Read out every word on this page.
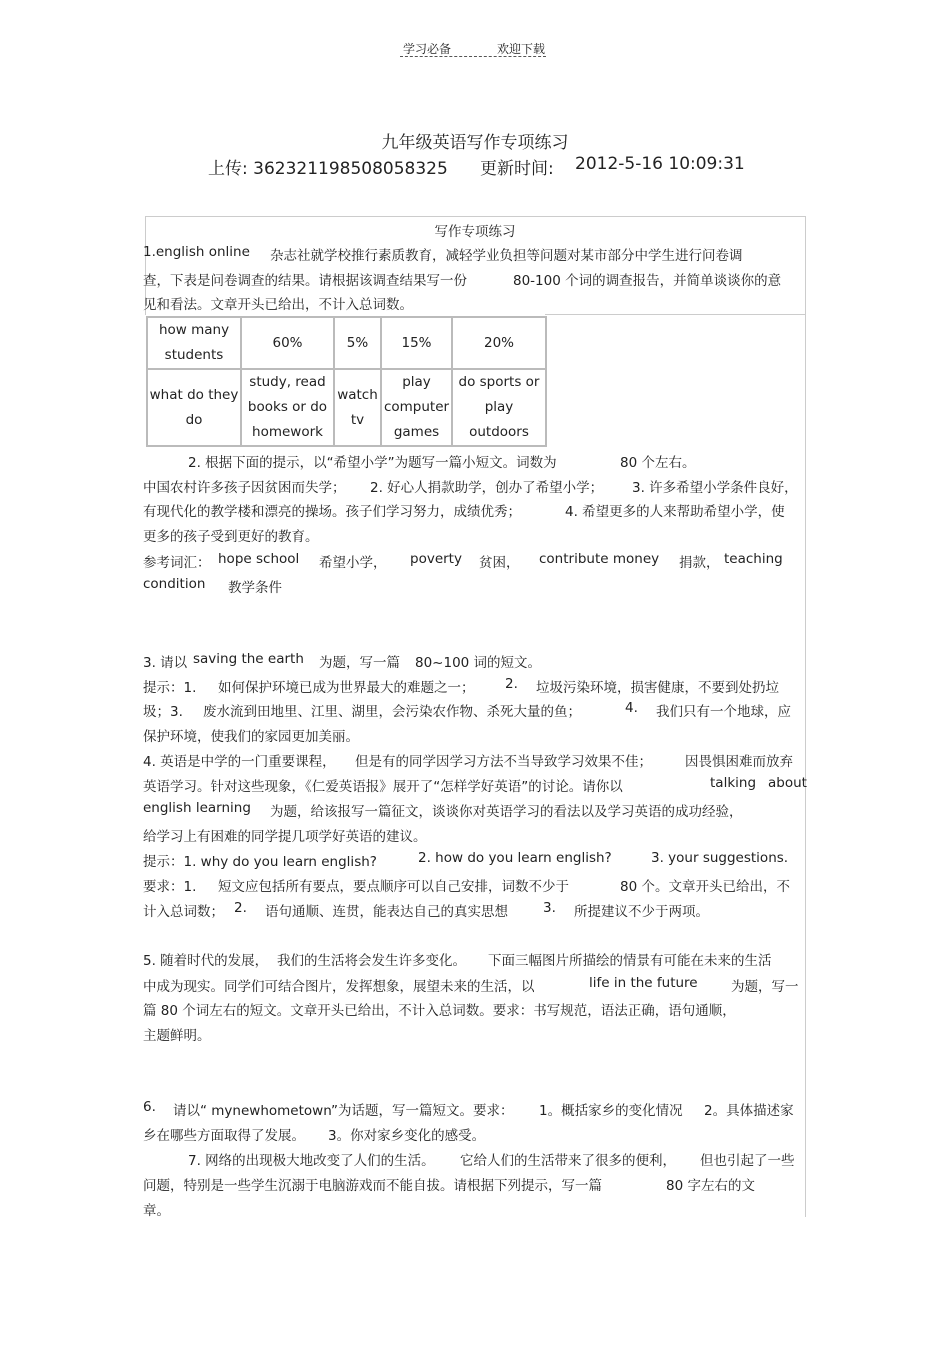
学习必备	欢迎下载
九年级英语写作专项练习
上传: 362321198508058325 更新时间: 2012-5-16 10:09:31
写作专项练习
1.english online 杂志社就学校推行素质教育，减轻学业负担等问题对某市部分中学生进行问卷调
查，下表是问卷调查的结果。请根据该调查结果写一份	80-100 个词的调查报告，并简单谈谈你的意
见和看法。文章开头已给出，不计入总词数。
how many students	60%	5%	15%	20%
what do they do	study, read books or do homework	watch tv	play computer games	do sports or play outdoors
2. 根据下面的提示，以“希望小学”为题写一篇小短文。词数为	80 个左右。
中国农村许多孩子因贫困而失学； 2. 好心人捐款助学，创办了希望小学； 3. 许多希望小学条件良好，
有现代化的教学楼和漂亮的操场。孩子们学习努力，成绩优秀；	4. 希望更多的人来帮助希望小学，使
更多的孩子受到更好的教育。
参考词汇： hope school 希望小学， poverty 贫困， contribute money 捐款， teaching
condition 教学条件
3. 请以 saving the earth 为题，写一篇 80~100 词的短文。
提示：1. 如何保护环境已成为世界最大的难题之一； 2. 垃圾污染环境，损害健康，不要到处扔垃
圾；3. 废水流到田地里、江里、湖里，会污染农作物、杀死大量的鱼；	4. 我们只有一个地球，应
保护环境，使我们的家园更加美丽。
4. 英语是中学的一门重要课程， 但是有的同学因学习方法不当导致学习效果不佳； 因畏惧困难而放弃
英语学习。针对这些现象，《仁爱英语报》展开了“怎样学好英语”的讨论。请你以	talking about
english learning 为题，给该报写一篇征文，谈谈你对英语学习的看法以及学习英语的成功经验，
给学习上有困难的同学提几项学好英语的建议。
提示：1. why do you learn english?	2. how do you learn english?	3. your suggestions.
要求：1. 短文应包括所有要点，要点顺序可以自己安排，词数不少于	80 个。文章开头已给出，不
计入总词数； 2. 语句通顺、连贯，能表达自己的真实思想	3. 所提建议不少于两项。
5. 随着时代的发展， 我们的生活将会发生许多变化。 下面三幅图片所描绘的情景有可能在未来的生活
中成为现实。同学们可结合图片，发挥想象，展望未来的生活，以	life in the future 为题，写一
篇 80 个词左右的短文。文章开头已给出，不计入总词数。要求：书写规范，语法正确，语句通顺，
主题鲜明。
6. 请以“ mynewhometown”为话题，写一篇短文。要求： 1。概括家乡的变化情况 2。具体描述家
乡在哪些方面取得了发展。 3。你对家乡变化的感受。
7. 网络的出现极大地改变了人们的生活。 它给人们的生活带来了很多的便利， 但也引起了一些
问题，特别是一些学生沉溺于电脑游戏而不能自拔。请根据下列提示，写一篇	80 字左右的文
章。
